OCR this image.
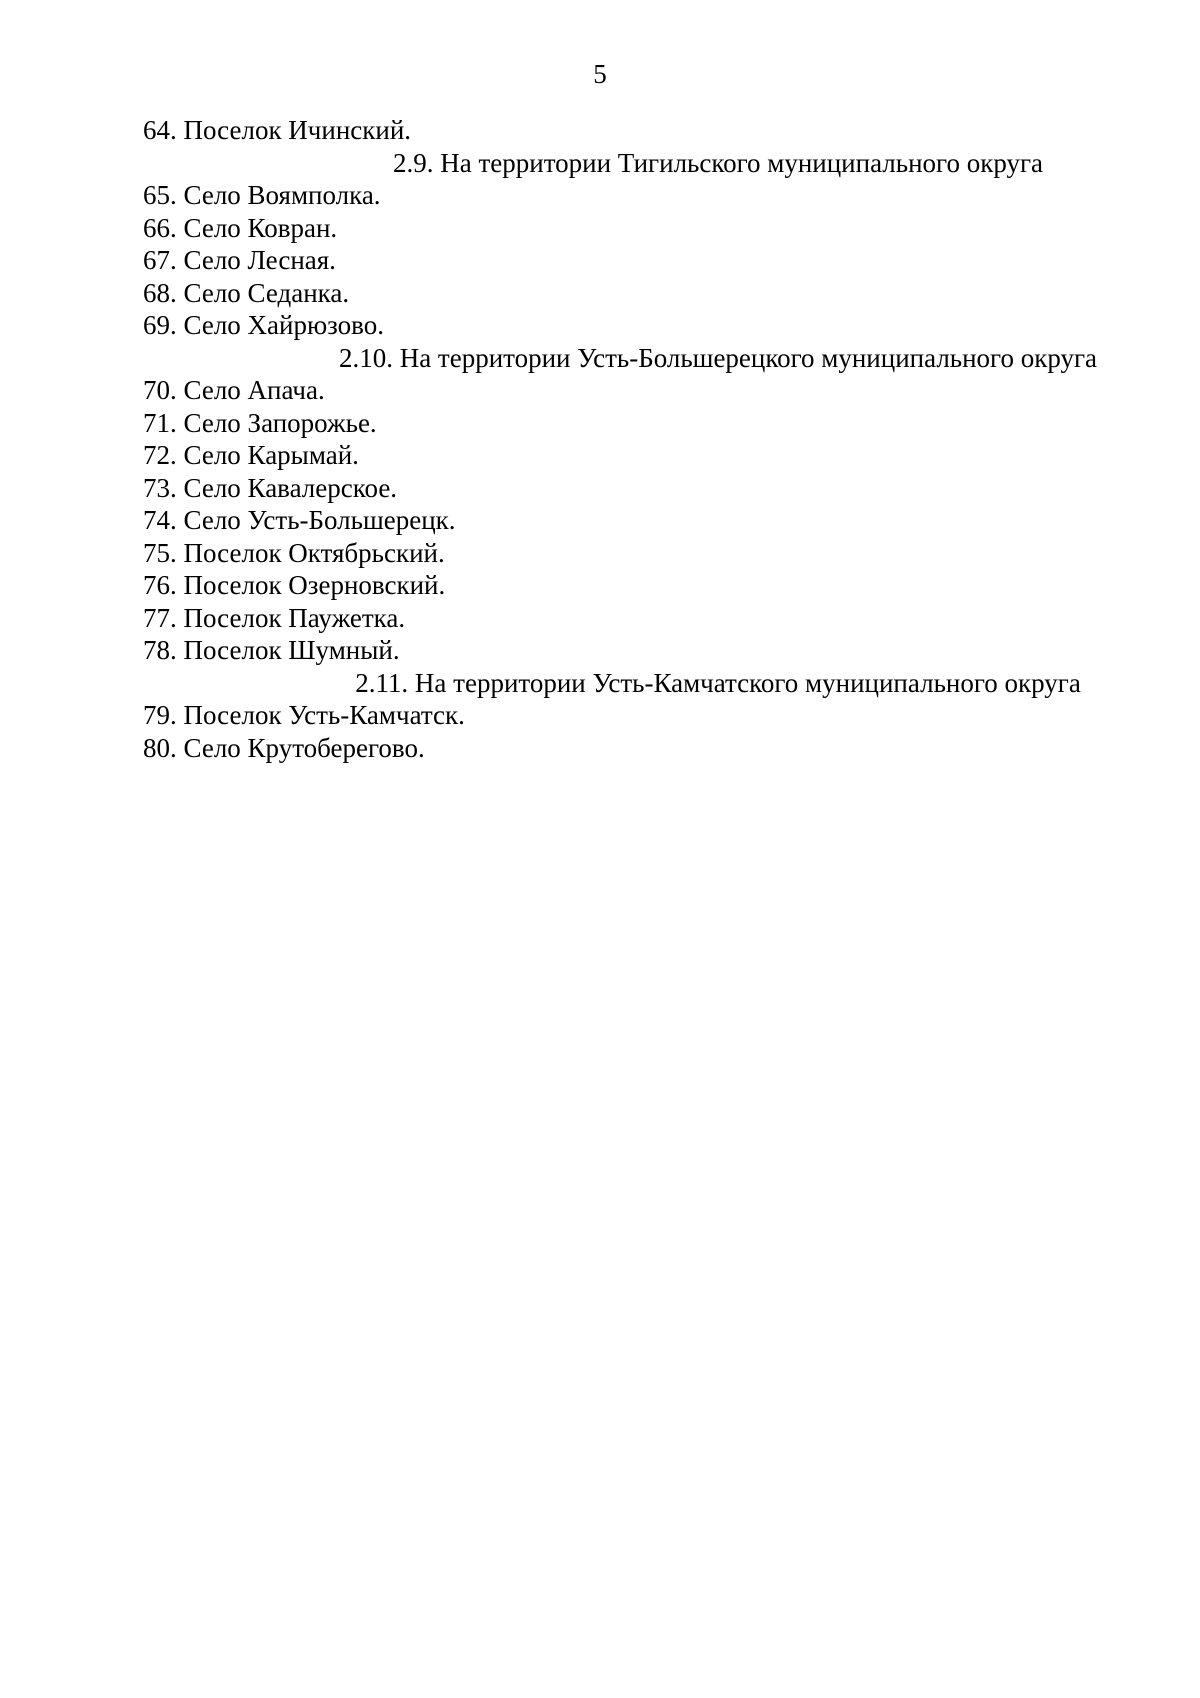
5
64. Поселок Ичинский.
2.9. На территории Тигильского муниципального округа
65. Село Воямполка.
66. Село Ковран.
67. Село Лесная.
68. Село Седанка.
69. Село Хайрюзово.
2.10. На территории Усть-Большерецкого муниципального округа
70. Село Апача.
71. Село Запорожье.
72. Село Карымай.
73. Село Кавалерское.
74. Село Усть-Большерецк.
75. Поселок Октябрьский.
76. Поселок Озерновский.
77. Поселок Паужетка.
78. Поселок Шумный.
2.11. На территории Усть-Камчатского муниципального округа
79. Поселок Усть-Камчатск.
80. Село Крутоберегово.
